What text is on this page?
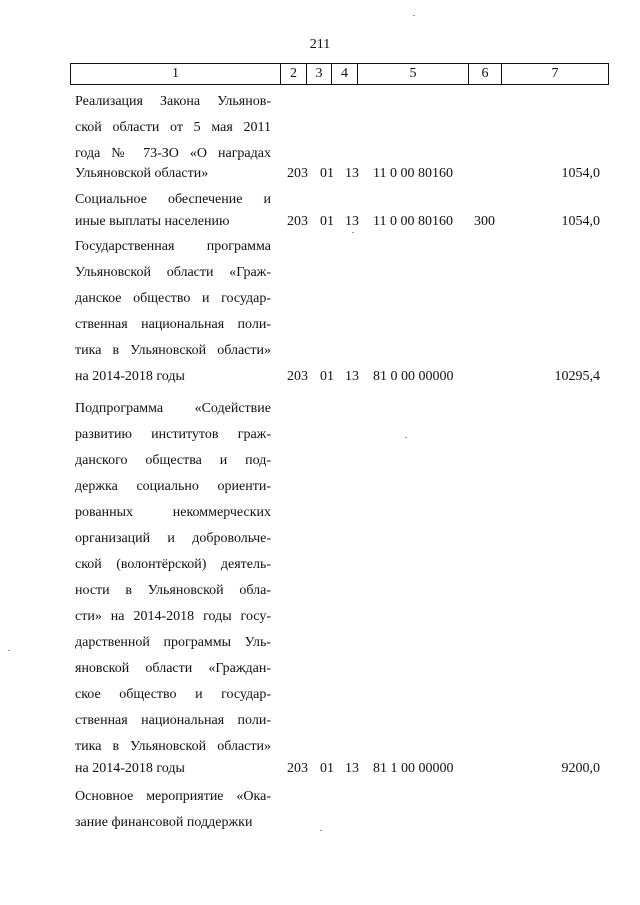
211
1	2	3	4	5	6	7
Реализация Закона Ульянов-
ской области от 5 мая 2011
года № 73-ЗО «О наградах
Ульяновской области»	203 01 13 11 0 00 80160	1054,0
Социальное обеспечение и
иные выплаты населению	203 01 13 11 0 00 80160 300	1054,0
Государственная программа
Ульяновской области «Граж-
данское общество и государ-
ственная национальная поли-
тика в Ульяновской области»
на 2014-2018 годы	203 01 13 81 0 00 00000	10295,4
Подпрограмма «Содействие
развитию институтов граж-
данского общества и под-
держка социально ориенти-
рованных некоммерческих
организаций и добровольче-
ской (волонтёрской) деятель-
ности в Ульяновской обла-
сти» на 2014-2018 годы госу-
дарственной программы Уль-
яновской области «Граждан-
ское общество и государ-
ственная национальная поли-
тика в Ульяновской области»
на 2014-2018 годы	203 01 13 81 1 00 00000	9200,0
Основное мероприятие «Ока-
зание финансовой поддержки
